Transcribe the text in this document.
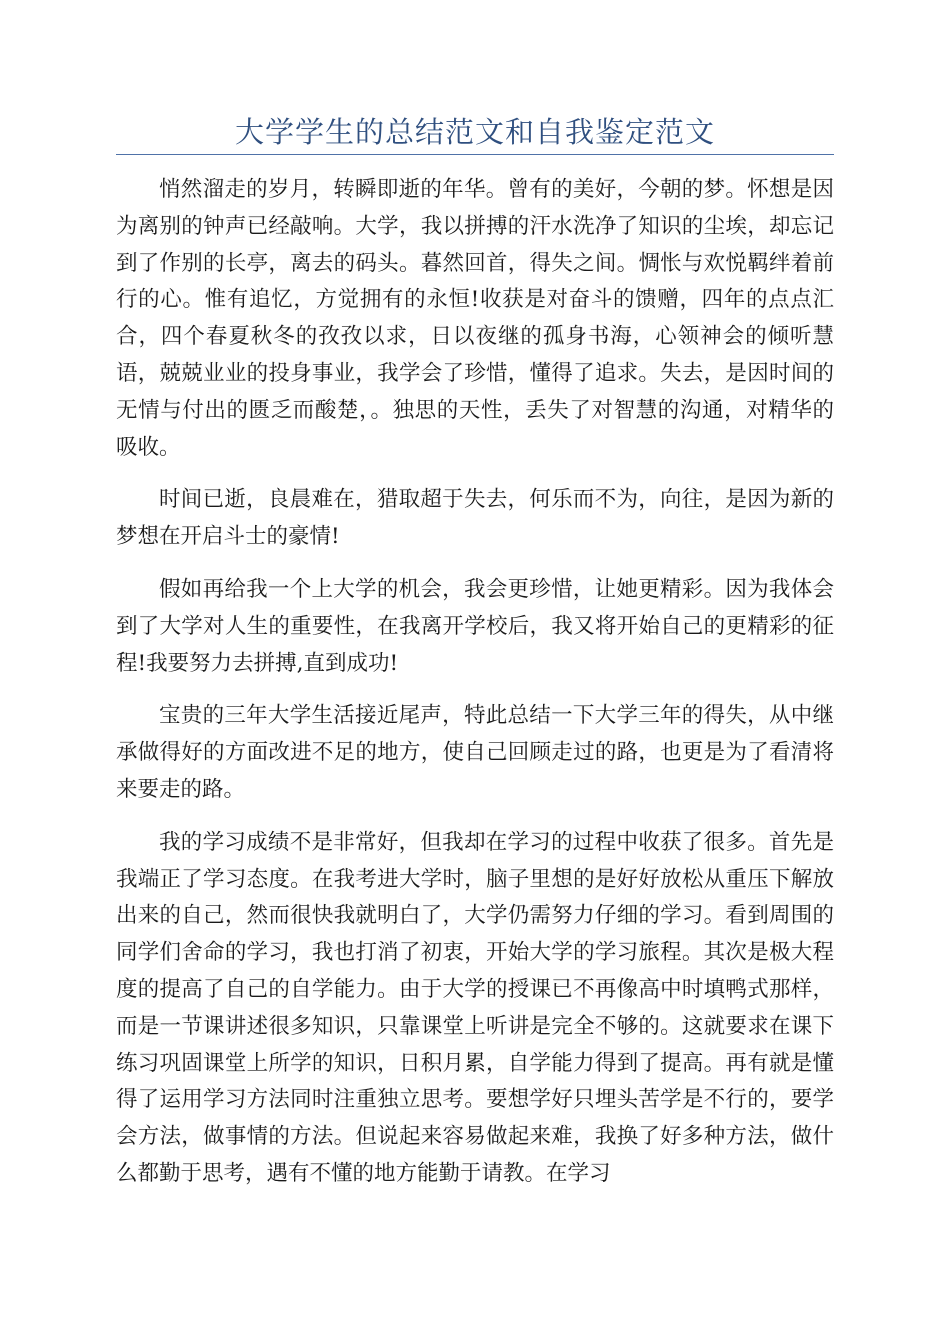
大学学生的总结范文和自我鉴定范文

悄然溜走的岁月，转瞬即逝的年华。曾有的美好，今朝的梦。怀想是因为离别的钟声已经敲响。大学，我以拼搏的汗水洗净了知识的尘埃，却忘记到了作别的长亭，离去的码头。暮然回首，得失之间。惆怅与欢悦羁绊着前行的心。惟有追忆，方觉拥有的永恒!收获是对奋斗的馈赠，四年的点点汇合，四个春夏秋冬的孜孜以求，日以夜继的孤身书海，心领神会的倾听慧语，兢兢业业的投身事业，我学会了珍惜，懂得了追求。失去，是因时间的无情与付出的匮乏而酸楚，。独思的天性，丢失了对智慧的沟通，对精华的吸收。

时间已逝，良晨难在，猎取超于失去，何乐而不为，向往，是因为新的梦想在开启斗士的豪情!

假如再给我一个上大学的机会，我会更珍惜，让她更精彩。因为我体会到了大学对人生的重要性，在我离开学校后，我又将开始自己的更精彩的征程!我要努力去拼搏,直到成功!

宝贵的三年大学生活接近尾声，特此总结一下大学三年的得失，从中继承做得好的方面改进不足的地方，使自己回顾走过的路，也更是为了看清将来要走的路。

我的学习成绩不是非常好，但我却在学习的过程中收获了很多。首先是我端正了学习态度。在我考进大学时，脑子里想的是好好放松从重压下解放出来的自己，然而很快我就明白了，大学仍需努力仔细的学习。看到周围的同学们舍命的学习，我也打消了初衷，开始大学的学习旅程。其次是极大程度的提高了自己的自学能力。由于大学的授课已不再像高中时填鸭式那样，而是一节课讲述很多知识，只靠课堂上听讲是完全不够的。这就要求在课下练习巩固课堂上所学的知识，日积月累，自学能力得到了提高。再有就是懂得了运用学习方法同时注重独立思考。要想学好只埋头苦学是不行的，要学会方法，做事情的方法。但说起来容易做起来难，我换了好多种方法，做什么都勤于思考，遇有不懂的地方能勤于请教。在学习
